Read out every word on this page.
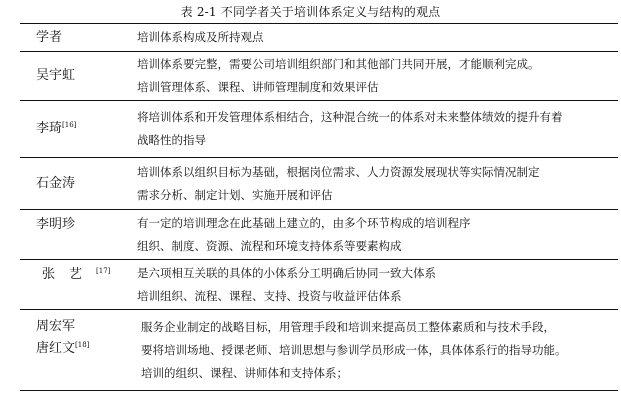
表 2-1 不同学者关于培训体系定义与结构的观点
学者	培训体系构成及所持观点

吴宇虹	培训体系要完整，需要公司培训组织部门和其他部门共同开展，才能顺利完成。
培训管理体系、课程、讲师管理制度和效果评估

李琦[16]	将培训体系和开发管理体系相结合，这种混合统一的体系对未来整体绩效的提升有着
战略性的指导

石金涛	培训体系以组织目标为基础，根据岗位需求、人力资源发展现状等实际情况制定
需求分析、制定计划、实施开展和评估

李明珍	有一定的培训理念在此基础上建立的，由多个环节构成的培训程序
组织、制度、资源、流程和环境支持体系等要素构成

张艺[17]	是六项相互关联的具体的小体系分工明确后协同一致大体系
培训组织、流程、课程、支持、投资与收益评估体系

周宏军
唐红文[18]	服务企业制定的战略目标，用管理手段和培训来提高员工整体素质和与技术手段，
要将培训场地、授课老师、培训思想与参训学员形成一体，具体体系行的指导功能。
培训的组织、课程、讲师体和支持体系；
